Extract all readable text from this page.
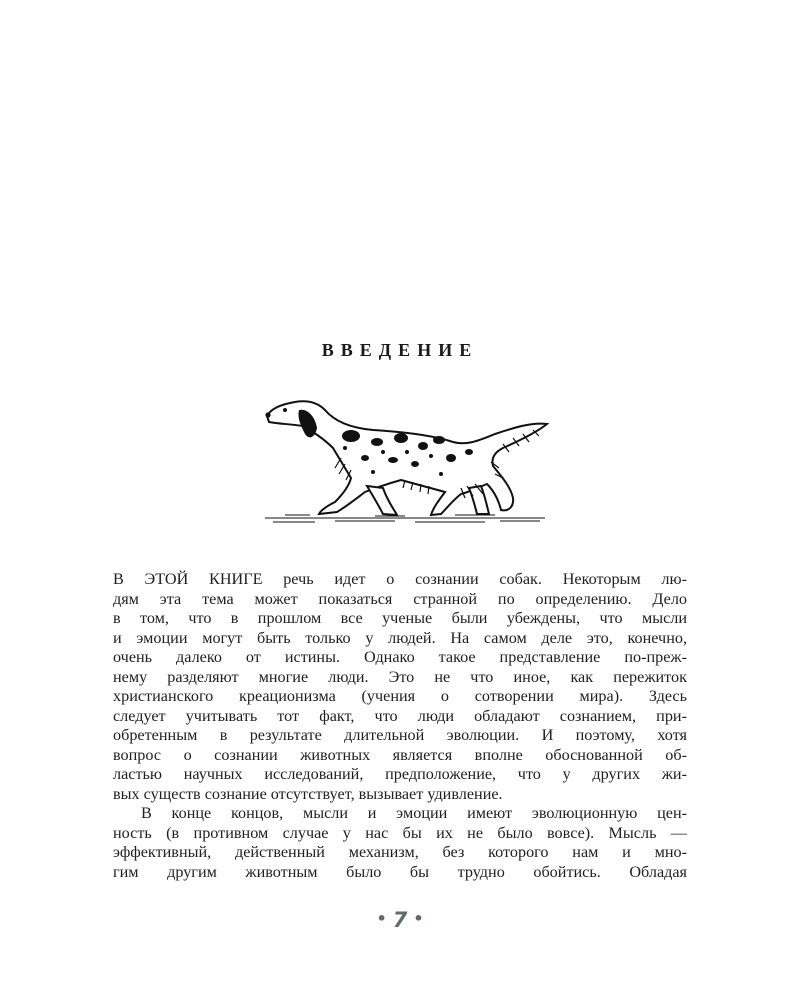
ВВЕДЕНИЕ

В ЭТОЙ КНИГЕ речь идет о сознании собак. Некоторым лю-
дям эта тема может показаться странной по определению. Дело
в том, что в прошлом все ученые были убеждены, что мысли
и эмоции могут быть только у людей. На самом деле это, конечно,
очень далеко от истины. Однако такое представление по-преж-
нему разделяют многие люди. Это не что иное, как пережиток
христианского креационизма (учения о сотворении мира). Здесь
следует учитывать тот факт, что люди обладают сознанием, при-
обретенным в результате длительной эволюции. И поэтому, хотя
вопрос о сознании животных является вполне обоснованной об-
ластью научных исследований, предположение, что у других жи-
вых существ сознание отсутствует, вызывает удивление.

В конце концов, мысли и эмоции имеют эволюционную цен-
ность (в противном случае у нас бы их не было вовсе). Мысль —
эффективный, действенный механизм, без которого нам и мно-
гим другим животным было бы трудно обойтись. Обладая

• 7 •
